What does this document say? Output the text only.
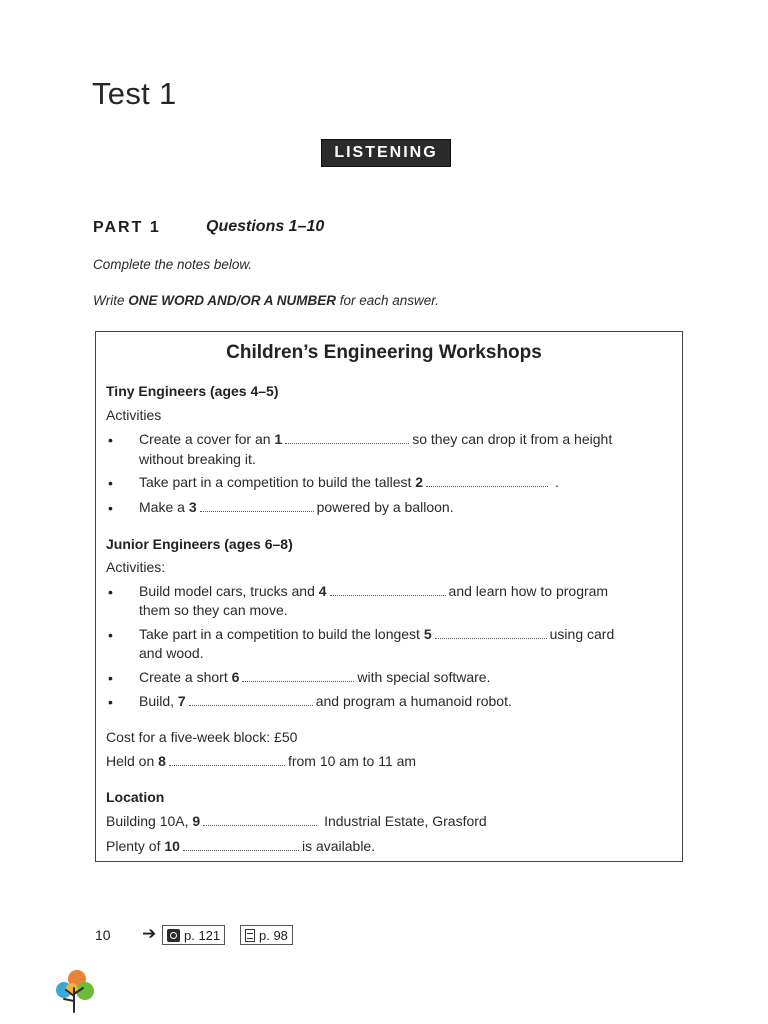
Test 1
LISTENING
PART 1	Questions 1–10
Complete the notes below.
Write ONE WORD AND/OR A NUMBER for each answer.
Children’s Engineering Workshops
Tiny Engineers (ages 4–5)
Activities
• Create a cover for an 1	so they can drop it from a height
without breaking it.
• Take part in a competition to build the tallest 2	.
• Make a 3	powered by a balloon.
Junior Engineers (ages 6–8)
Activities:
• Build model cars, trucks and 4	and learn how to program
them so they can move.
• Take part in a competition to build the longest 5	using card
and wood.
• Create a short 6	with special software.
• Build, 7	and program a humanoid robot.
Cost for a five-week block: £50
Held on 8	from 10 am to 11 am
Location
Building 10A, 9	Industrial Estate, Grasford
Plenty of 10	is available.
10 ➔ p. 121	p. 98
